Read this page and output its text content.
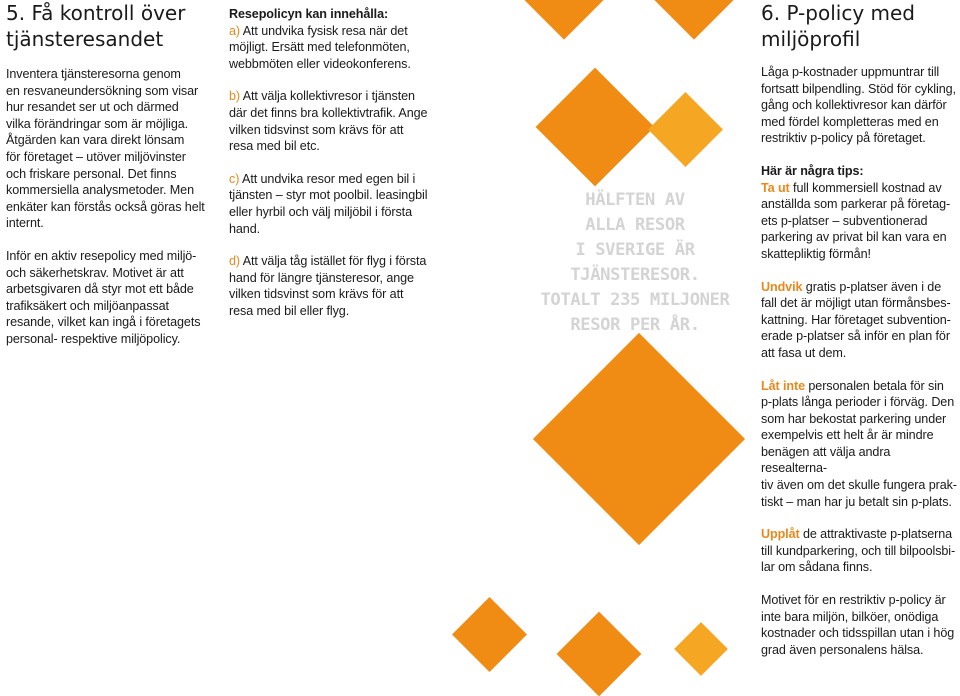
5. Få kontroll över
tjänsteresandet
Inventera tjänsteresorna genom
en resvaneundersökning som visar
hur resandet ser ut och därmed
vilka förändringar som är möjliga.
Åtgärden kan vara direkt lönsam
för företaget – utöver miljövinster
och friskare personal. Det finns
kommersiella analysmetoder. Men
enkäter kan förstås också göras helt
internt.
Inför en aktiv resepolicy med miljö-
och säkerhetskrav. Motivet är att
arbetsgivaren då styr mot ett både
trafiksäkert och miljöanpassat
resande, vilket kan ingå i företagets
personal- respektive miljöpolicy.
Resepolicyn kan innehålla:
a) Att undvika fysisk resa när det
möjligt. Ersätt med telefonmöten,
webbmöten eller videokonferens.
b) Att välja kollektivresor i tjänsten
där det finns bra kollektivtrafik. Ange
vilken tidsvinst som krävs för att
resa med bil etc.
c) Att undvika resor med egen bil i
tjänsten – styr mot poolbil. leasingbil
eller hyrbil och välj miljöbil i första
hand.
d) Att välja tåg istället för flyg i första
hand för längre tjänsteresor, ange
vilken tidsvinst som krävs för att
resa med bil eller flyg.
HÄLFTEN AV
ALLA RESOR
I SVERIGE ÄR
TJÄNSTERESOR.
TOTALT 235 MILJONER
RESOR PER ÅR.
6. P-policy med
miljöprofil
Låga p-kostnader uppmuntrar till
fortsatt bilpendling. Stöd för cykling,
gång och kollektivresor kan därför
med fördel kompletteras med en
restriktiv p-policy på företaget.
Här är några tips:
Ta ut full kommersiell kostnad av
anställda som parkerar på företag-
ets p-platser – subventionerad
parkering av privat bil kan vara en
skattepliktig förmån!
Undvik gratis p-platser även i de
fall det är möjligt utan förmånsbes-
kattning. Har företaget subvention-
erade p-platser så inför en plan för
att fasa ut dem.
Låt inte personalen betala för sin
p-plats långa perioder i förväg. Den
som har bekostat parkering under
exempelvis ett helt år är mindre
benägen att välja andra resealterna-
tiv även om det skulle fungera prak-
tiskt – man har ju betalt sin p-plats.
Upplåt de attraktivaste p-platserna
till kundparkering, och till bilpoolsbi-
lar om sådana finns.
Motivet för en restriktiv p-policy är
inte bara miljön, bilköer, onödiga
kostnader och tidsspillan utan i hög
grad även personalens hälsa.
